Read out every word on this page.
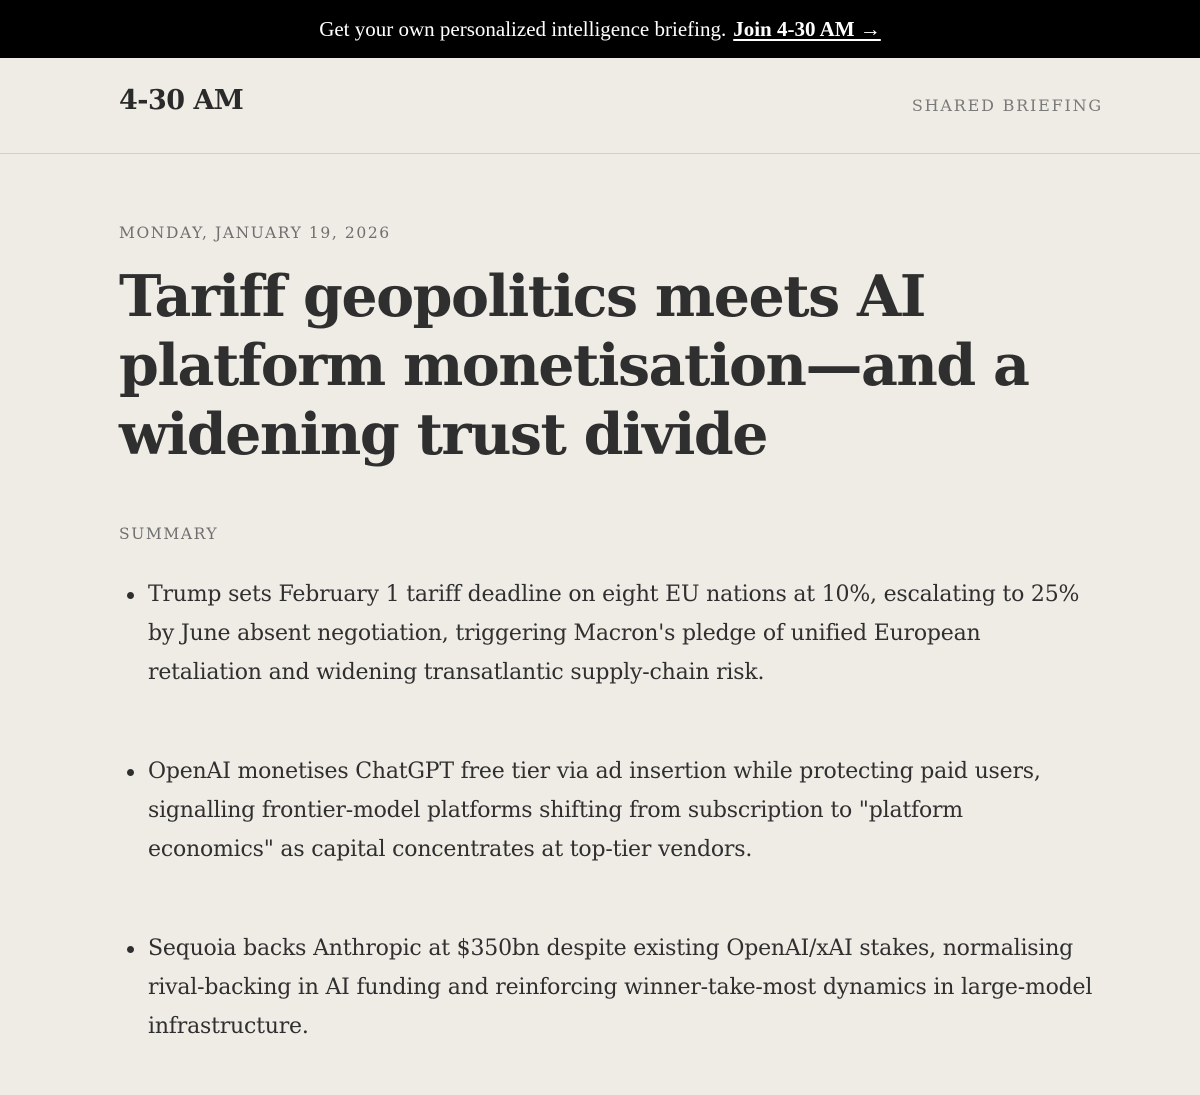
Get your own personalized intelligence briefing. Join 4-30 AM →
4-30 AM	SHARED BRIEFING
MONDAY, JANUARY 19, 2026
Tariff geopolitics meets AI platform monetisation—and a widening trust divide
SUMMARY
Trump sets February 1 tariff deadline on eight EU nations at 10%, escalating to 25% by June absent negotiation, triggering Macron's pledge of unified European retaliation and widening transatlantic supply-chain risk.
OpenAI monetises ChatGPT free tier via ad insertion while protecting paid users, signalling frontier-model platforms shifting from subscription to "platform economics" as capital concentrates at top-tier vendors.
Sequoia backs Anthropic at $350bn despite existing OpenAI/xAI stakes, normalising rival-backing in AI funding and reinforcing winner-take-most dynamics in large-model infrastructure.
